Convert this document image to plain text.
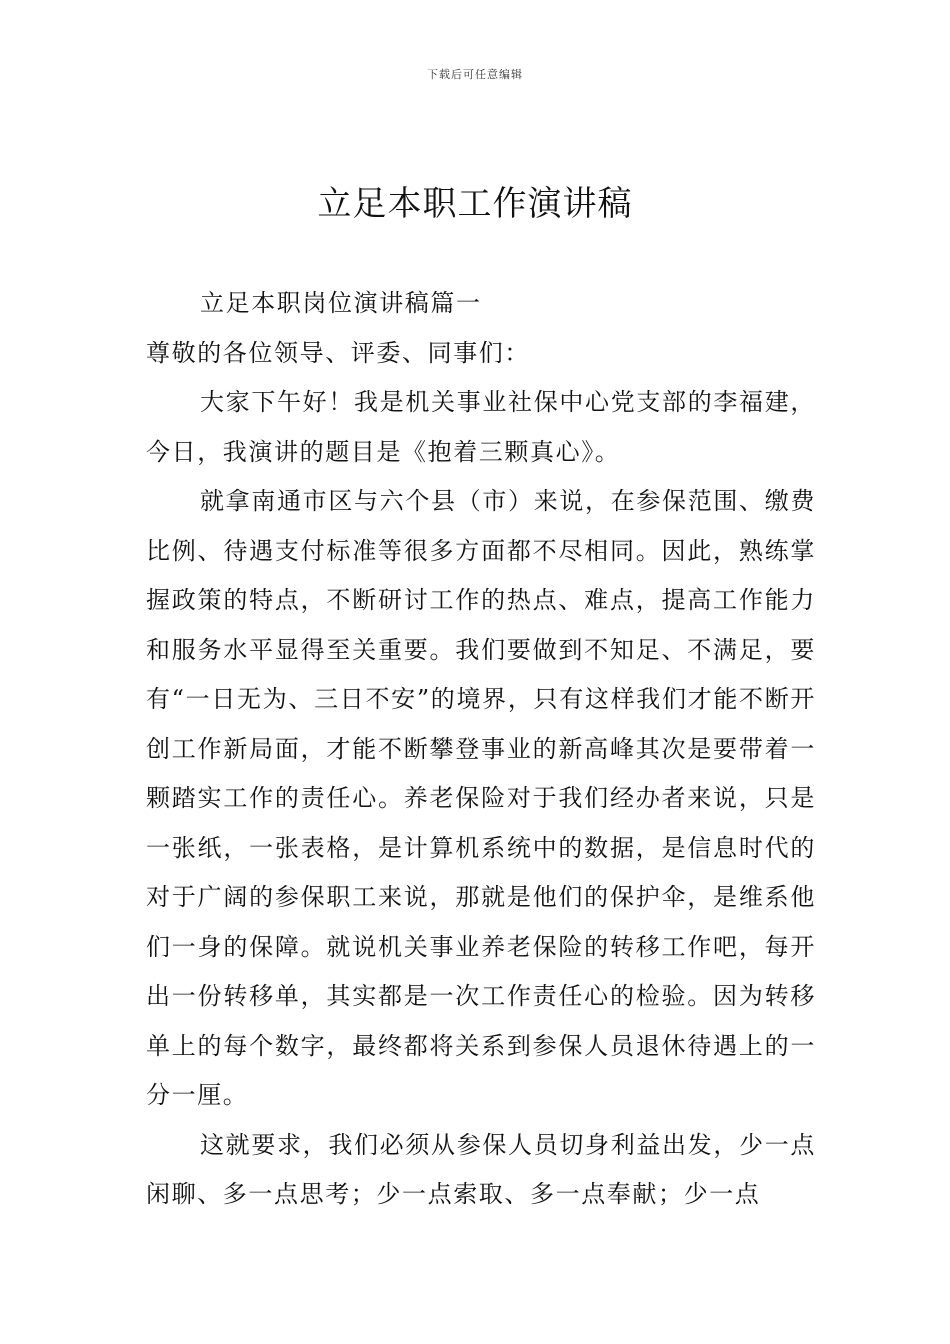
下载后可任意编辑
立足本职工作演讲稿

立足本职岗位演讲稿篇一

尊敬的各位领导、评委、同事们：

大家下午好！我是机关事业社保中心党支部的李福建，今日，我演讲的题目是《抱着三颗真心》。

就拿南通市区与六个县（市）来说，在参保范围、缴费比例、待遇支付标准等很多方面都不尽相同。因此，熟练掌握政策的特点，不断研讨工作的热点、难点，提高工作能力和服务水平显得至关重要。我们要做到不知足、不满足，要有“一日无为、三日不安”的境界，只有这样我们才能不断开创工作新局面，才能不断攀登事业的新高峰其次是要带着一颗踏实工作的责任心。养老保险对于我们经办者来说，只是一张纸，一张表格，是计算机系统中的数据，是信息时代的对于广阔的参保职工来说，那就是他们的保护伞，是维系他们一身的保障。就说机关事业养老保险的转移工作吧，每开出一份转移单，其实都是一次工作责任心的检验。因为转移单上的每个数字，最终都将关系到参保人员退休待遇上的一分一厘。

这就要求，我们必须从参保人员切身利益出发，少一点闲聊、多一点思考；少一点索取、多一点奉献；少一点
